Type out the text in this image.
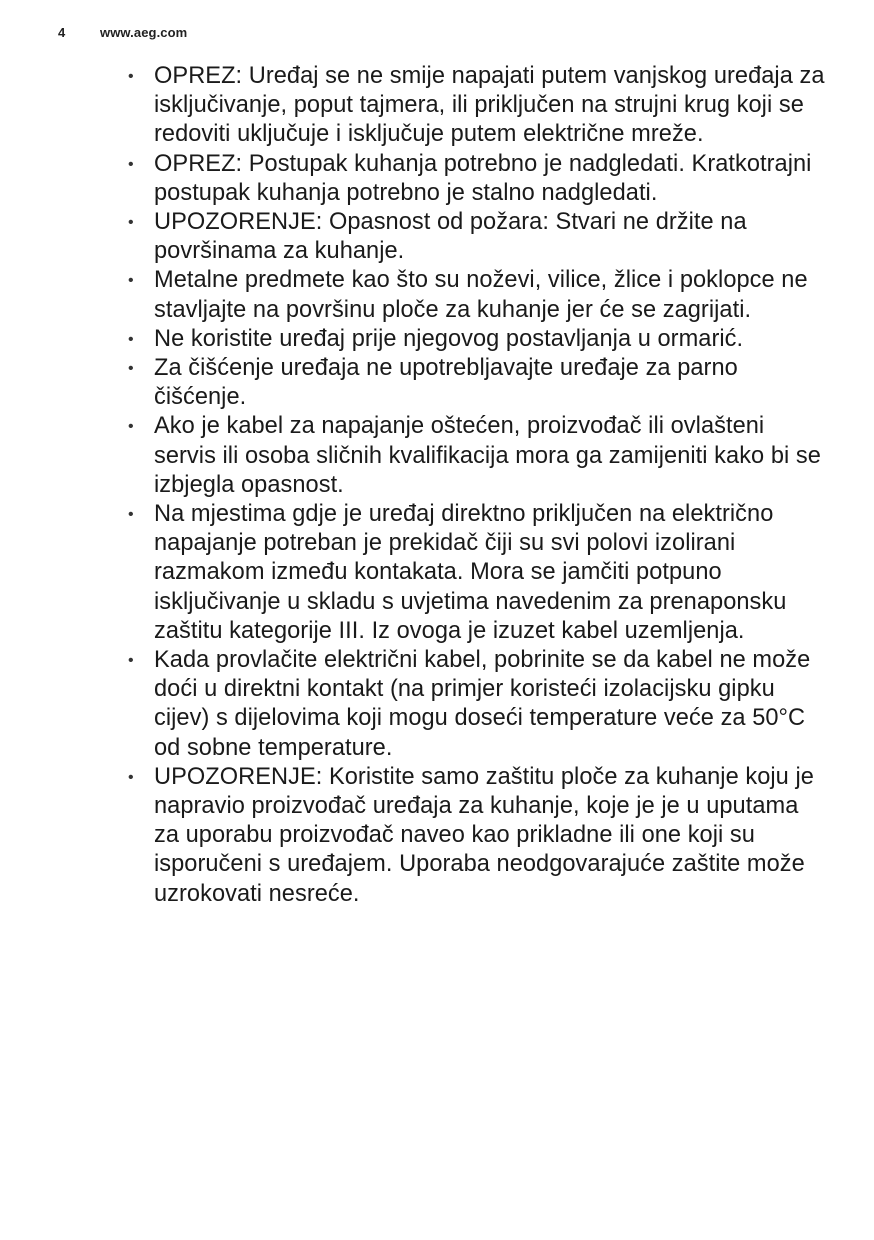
4	www.aeg.com
• OPREZ: Uređaj se ne smije napajati putem vanjskog uređaja za isključivanje, poput tajmera, ili priključen na strujni krug koji se redoviti uključuje i isključuje putem električne mreže.
• OPREZ: Postupak kuhanja potrebno je nadgledati. Kratkotrajni postupak kuhanja potrebno je stalno nadgledati.
• UPOZORENJE: Opasnost od požara: Stvari ne držite na površinama za kuhanje.
• Metalne predmete kao što su noževi, vilice, žlice i poklopce ne stavljajte na površinu ploče za kuhanje jer će se zagrijati.
• Ne koristite uređaj prije njegovog postavljanja u ormarić.
• Za čišćenje uređaja ne upotrebljavajte uređaje za parno čišćenje.
• Ako je kabel za napajanje oštećen, proizvođač ili ovlašteni servis ili osoba sličnih kvalifikacija mora ga zamijeniti kako bi se izbjegla opasnost.
• Na mjestima gdje je uređaj direktno priključen na električno napajanje potreban je prekidač čiji su svi polovi izolirani razmakom između kontakata. Mora se jamčiti potpuno isključivanje u skladu s uvjetima navedenim za prenaponsku zaštitu kategorije III. Iz ovoga je izuzet kabel uzemljenja.
• Kada provlačite električni kabel, pobrinite se da kabel ne može doći u direktni kontakt (na primjer koristeći izolacijsku gipku cijev) s dijelovima koji mogu doseći temperature veće za 50°C od sobne temperature.
• UPOZORENJE: Koristite samo zaštitu ploče za kuhanje koju je napravio proizvođač uređaja za kuhanje, koje je je u uputama za uporabu proizvođač naveo kao prikladne ili one koji su isporučeni s uređajem. Uporaba neodgovarajuće zaštite može uzrokovati nesreće.
